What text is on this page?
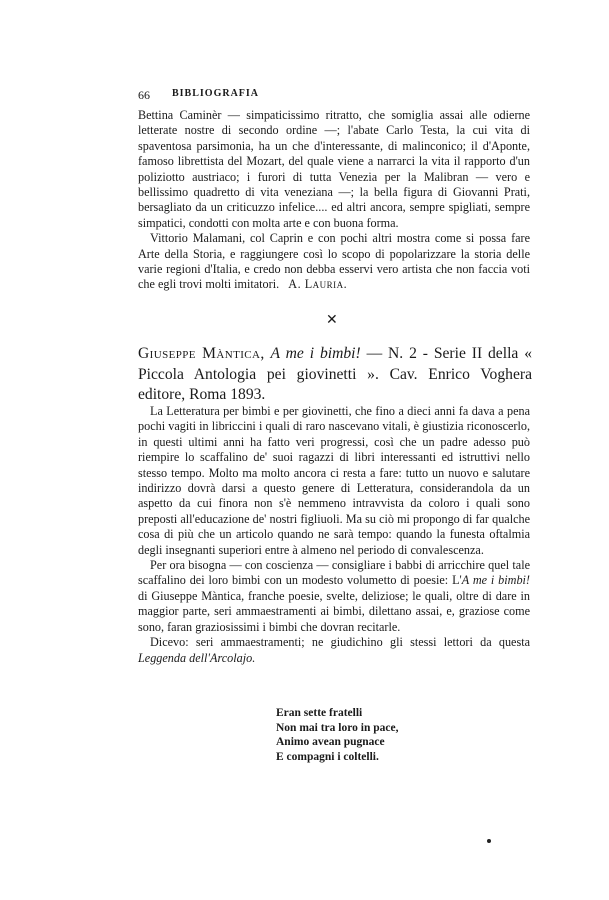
66 BIBLIOGRAFIA

Bettina Caminèr — simpaticissimo ritratto, che somiglia assai alle odierne letterate nostre di secondo ordine —; l'abate Carlo Testa, la cui vita di spaventosa parsimonia, ha un che d'interessante, di malinconico; il d'Aponte, famoso librettista del Mozart, del quale viene a narrarci la vita il rapporto d'un poliziotto austriaco; i furori di tutta Venezia per la Malibran — vero e bellissimo quadretto di vita veneziana —; la bella figura di Giovanni Prati, bersagliato da un criticuzzo infelice.... ed altri ancora, sempre spigliati, sempre simpatici, condotti con molta arte e con buona forma.

Vittorio Malamani, col Caprin e con pochi altri mostra come si possa fare Arte della Storia, e raggiungere così lo scopo di popolarizzare la storia delle varie regioni d'Italia, e credo non debba esservi vero artista che non faccia voti che egli trovi molti imitatori. A. Lauria.

✕
Giuseppe Màntica, A me i bimbi! — N. 2 - Serie II della « Piccola Antologia pei giovinetti ». Cav. Enrico Voghera editore, Roma 1893.

La Letteratura per bimbi e per giovinetti, che fino a dieci anni fa dava a pena pochi vagiti in libriccini i quali di raro nascevano vitali, è giustizia riconoscerlo, in questi ultimi anni ha fatto veri progressi, così che un padre adesso può riempire lo scaffalino de' suoi ragazzi di libri interessanti ed istruttivi nello stesso tempo. Molto ma molto ancora ci resta a fare: tutto un nuovo e salutare indirizzo dovrà darsi a questo genere di Letteratura, considerandola da un aspetto da cui finora non s'è nemmeno intravvista da coloro i quali sono preposti all'educazione de' nostri figliuoli. Ma su ciò mi propongo di far qualche cosa di più che un articolo quando ne sarà tempo: quando la funesta oftalmia degli insegnanti superiori entre à almeno nel periodo di convalescenza.

Per ora bisogna — con coscienza — consigliare i babbi di arricchire quel tale scaffalino dei loro bimbi con un modesto volumetto di poesie: L'A me i bimbi! di Giuseppe Màntica, franche poesie, svelte, deliziose; le quali, oltre di dare in maggior parte, seri ammaestramenti ai bimbi, dilettano assai, e, graziose come sono, faran graziosissimi i bimbi che dovran recitarle.

Dicevo: seri ammaestramenti; ne giudichino gli stessi lettori da questa Leggenda dell'Arcolajo.

Eran sette fratelli

Non mai tra loro in pace,

Animo avean pugnace

E compagni i coltelli.
